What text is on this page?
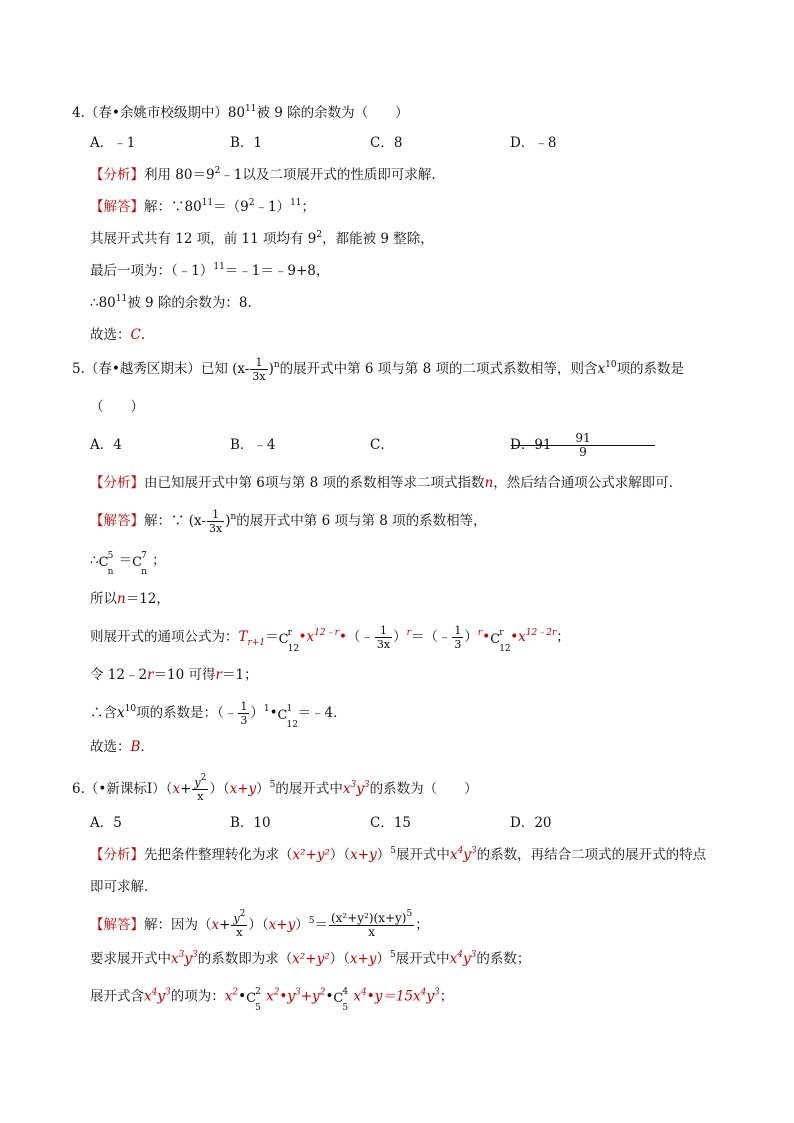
4.（春•余姚市校级期中）$80^{11}$被 9 除的余数为（　　）
A．﹣1	B．1	C．8	D．﹣8
【分析】利用 $80=9^2﹣1$以及二项展开式的性质即可求解．
【解答】解：$\because 80^{11}=(9^2﹣1)^{11}$；
其展开式共有 12 项，前 11 项均有 $9^2$，都能被 9 整除，
最后一项为：（﹣1）$^{11}$＝﹣1＝﹣9+8，
$\therefore 80^{11}$被 9 除的余数为：8．
故选：C．
5.（春•越秀区期末）已知 $(x- \frac{1}{3x} )^n$的展开式中第 6 项与第 8 项的二项式系数相等，则含$x^{10}$项的系数是
（　　）
A．4	B．﹣4	C．	$\frac{91}{9}$
D．91
【分析】由已知展开式中第 6项与第 8 项的系数相等求二项式指数n，然后结合通项公式求解即可．
【解答】解：∵ $(x- \frac{1}{3x} )^n$的展开式中第 6 项与第 8 项的系数相等，
∴ C 5
n
＝ C 7
n
；
所以n＝12，
则展开式的通项公式为：$T_{r+1}= C$ r
12
$•x^{12﹣r}•(﹣ \frac{1}{3x}$ ）$^r$＝（﹣ $\frac{1}{3}$ ）$^r$• C r
12
$•x^{12﹣2r}$；
令 12﹣2r＝10 可得r＝1；
∴含$x^{10}$项的系数是：（﹣ $\frac{1}{3}$ ）$^1$• C 1
12
＝﹣4．
故选：B．
6.（•新课标Ⅰ）（x+ $\frac{y^2}{x} )(x+y)^5$的展开式中$x^3y^3$的系数为（　　）
A．5	B．10	C．15	D．20
【分析】先把条件整理转化为求$(x^2+y^2)(x+y)^5$展开式中$x^4y^3$的系数，再结合二项式的展开式的特点
即可求解．
【解答】解：因为$(x+ \frac{y^2}{x} )(x+y)^5= \frac{(x^2+y^2)(x+y)^5}{x}$ ；
要求展开式中$x^3y^3$的系数即为求$(x^2+y^2)(x+y)^5$展开式中$x^4y^3$的系数；
展开式含$x^4y^3$的项为：$x^2•$ C 2
5
$x^2•y^3+y^2•$ C 4
5
$x^4•y=15x^4y^3$；
